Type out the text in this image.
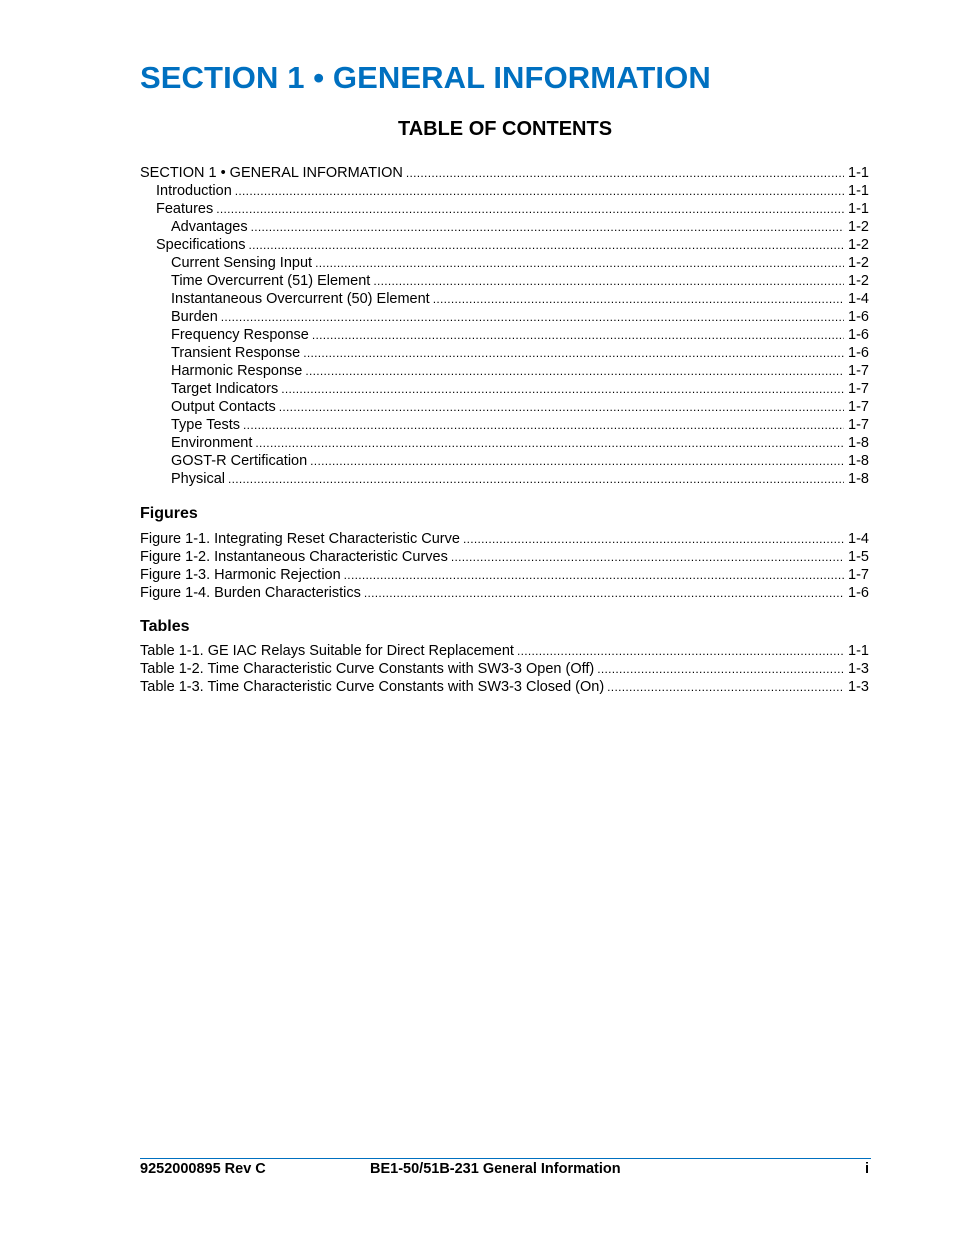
SECTION 1 • GENERAL INFORMATION
TABLE OF CONTENTS
SECTION 1 • GENERAL INFORMATION .....	1-1
Introduction .....	1-1
Features .....	1-1
Advantages .....	1-2
Specifications .....	1-2
Current Sensing Input .....	1-2
Time Overcurrent (51) Element .....	1-2
Instantaneous Overcurrent (50) Element .....	1-4
Burden .....	1-6
Frequency Response .....	1-6
Transient Response .....	1-6
Harmonic Response .....	1-7
Target Indicators .....	1-7
Output Contacts .....	1-7
Type Tests .....	1-7
Environment .....	1-8
GOST-R Certification .....	1-8
Physical .....	1-8
Figures
Figure 1-1. Integrating Reset Characteristic Curve .....	1-4
Figure 1-2. Instantaneous Characteristic Curves .....	1-5
Figure 1-3. Harmonic Rejection .....	1-7
Figure 1-4. Burden Characteristics .....	1-6
Tables
Table 1-1. GE IAC Relays Suitable for Direct Replacement .....	1-1
Table 1-2. Time Characteristic Curve Constants with SW3-3 Open (Off) .....	1-3
Table 1-3. Time Characteristic Curve Constants with SW3-3 Closed (On) .....	1-3
9252000895 Rev C	BE1-50/51B-231 General Information	i
